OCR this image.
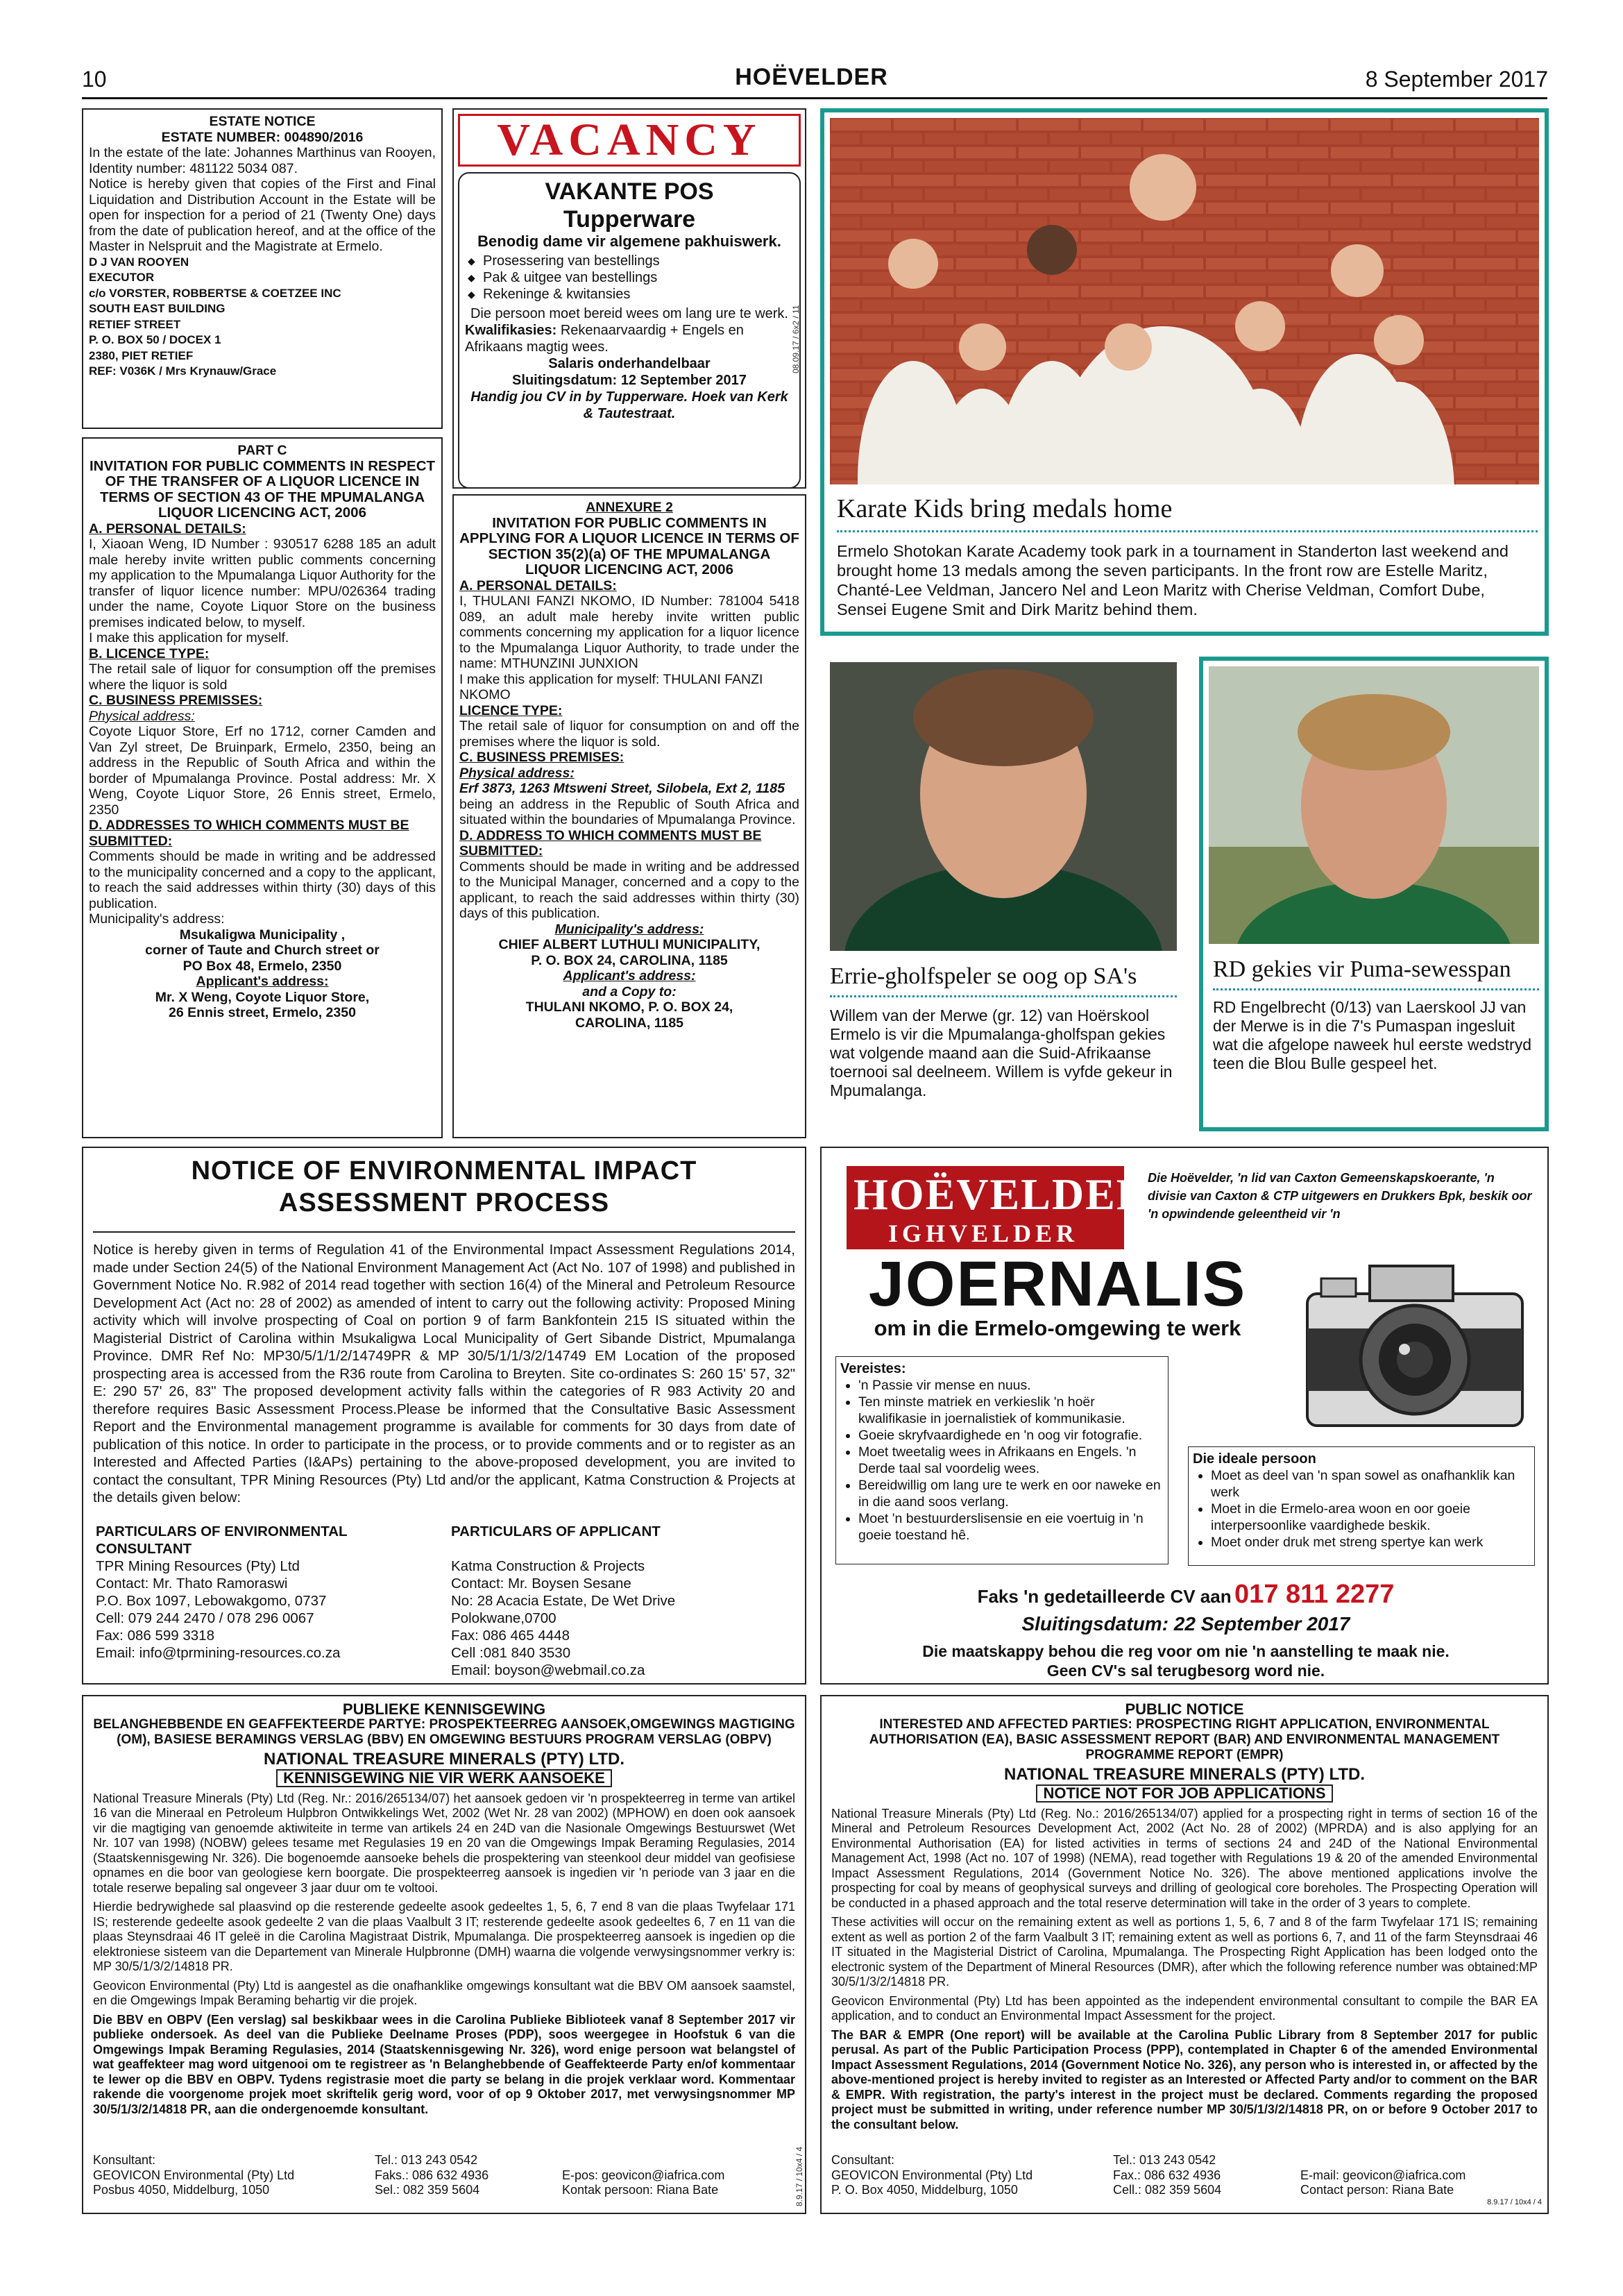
10	HOËVELDER	8 September 2017

ESTATE NOTICE

ESTATE NUMBER: 004890/2016

In the estate of the late: Johannes Marthinus van Rooyen, Identity number: 481122 5034 087.

Notice is hereby given that copies of the First and Final Liquidation and Distribution Account in the Estate will be open for inspection for a period of 21 (Twenty One) days from the date of publication hereof, and at the office of the Master in Nelspruit and the Magistrate at Ermelo.

D J VAN ROOYEN

EXECUTOR

c/o VORSTER, ROBBERTSE & COETZEE INC

SOUTH EAST BUILDING

RETIEF STREET

P. O. BOX 50 / DOCEX 1

2380, PIET RETIEF

REF: V036K / Mrs Krynauw/Grace

PART C

INVITATION FOR PUBLIC COMMENTS IN RESPECT OF THE TRANSFER OF A LIQUOR LICENCE IN TERMS OF SECTION 43 OF THE MPUMALANGA LIQUOR LICENCING ACT, 2006

A. PERSONAL DETAILS:

I, Xiaoan Weng, ID Number : 930517 6288 185 an adult male hereby invite written public comments concerning my application to the Mpumalanga Liquor Authority for the transfer of liquor licence number: MPU/026364 trading under the name, Coyote Liquor Store on the business premises indicated below, to myself.

I make this application for myself.

B. LICENCE TYPE:

The retail sale of liquor for consumption off the premises where the liquor is sold

C. BUSINESS PREMISSES:

Physical address:

Coyote Liquor Store, Erf no 1712, corner Camden and Van Zyl street, De Bruinpark, Ermelo, 2350, being an address in the Republic of South Africa and within the border of Mpumalanga Province. Postal address: Mr. X Weng, Coyote Liquor Store, 26 Ennis street, Ermelo, 2350

D. ADDRESSES TO WHICH COMMENTS MUST BE SUBMITTED:

Comments should be made in writing and be addressed to the municipality concerned and a copy to the applicant, to reach the said addresses within thirty (30) days of this publication.

Municipality's address:

Msukaligwa Municipality ,

corner of Taute and Church street or

PO Box 48, Ermelo, 2350

Applicant's address:

Mr. X Weng, Coyote Liquor Store,

26 Ennis street, Ermelo, 2350

VACANCY

VAKANTE POS

Tupperware

Benodig dame vir algemene pakhuiswerk.

◆ Prosessering van bestellings
◆ Pak & uitgee van bestellings
◆ Rekeninge & kwitansies

Die persoon moet bereid wees om lang ure te werk.

Kwalifikasies: Rekenaarvaardig + Engels en Afrikaans magtig wees.

Salaris onderhandelbaar

Sluitingsdatum: 12 September 2017

Handig jou CV in by Tupperware. Hoek van Kerk & Tautestraat.

08.09.17 / 6x2 / 11

ANNEXURE 2

INVITATION FOR PUBLIC COMMENTS IN APPLYING FOR A LIQUOR LICENCE IN TERMS OF SECTION 35(2)(a) OF THE MPUMALANGA LIQUOR LICENCING ACT, 2006

A. PERSONAL DETAILS:

I, THULANI FANZI NKOMO, ID Number: 781004 5418 089, an adult male hereby invite written public comments concerning my application for a liquor licence to the Mpumalanga Liquor Authority, to trade under the name: MTHUNZINI JUNXION

I make this application for myself: THULANI FANZI NKOMO

LICENCE TYPE:

The retail sale of liquor for consumption on and off the premises where the liquor is sold.

C. BUSINESS PREMISES:

Physical address:

Erf 3873, 1263 Mtsweni Street, Silobela, Ext 2, 1185

being an address in the Republic of South Africa and situated within the boundaries of Mpumalanga Province.

D. ADDRESS TO WHICH COMMENTS MUST BE SUBMITTED:

Comments should be made in writing and be addressed to the Municipal Manager, concerned and a copy to the applicant, to reach the said addresses within thirty (30) days of this publication.

Municipality's address:

CHIEF ALBERT LUTHULI MUNICIPALITY,

P. O. BOX 24, CAROLINA, 1185

Applicant's address:

and a Copy to:

THULANI NKOMO, P. O. BOX 24,

CAROLINA, 1185

Karate Kids bring medals home
Ermelo Shotokan Karate Academy took park in a tournament in Standerton last weekend and brought home 13 medals among the seven participants. In the front row are Estelle Maritz, Chanté-Lee Veldman, Jancero Nel and Leon Maritz with Cherise Veldman, Comfort Dube, Sensei Eugene Smit and Dirk Maritz behind them.
Errie-gholfspeler se oog op SA's
Willem van der Merwe (gr. 12) van Hoërskool Ermelo is vir die Mpumalanga-gholfspan gekies wat volgende maand aan die Suid-Afrikaanse toernooi sal deelneem. Willem is vyfde gekeur in Mpumalanga.
RD gekies vir Puma-sewesspan
RD Engelbrecht (0/13) van Laerskool JJ van der Merwe is in die 7's Pumaspan ingesluit wat die afgelope naweek hul eerste wedstryd teen die Blou Bulle gespeel het.
NOTICE OF ENVIRONMENTAL IMPACT
ASSESSMENT PROCESS
Notice is hereby given in terms of Regulation 41 of the Environmental Impact Assessment Regulations 2014, made under Section 24(5) of the National Environment Management Act (Act No. 107 of 1998) and published in Government Notice No. R.982 of 2014 read together with section 16(4) of the Mineral and Petroleum Resource Development Act (Act no: 28 of 2002) as amended of intent to carry out the following activity: Proposed Mining activity which will involve prospecting of Coal on portion 9 of farm Bankfontein 215 IS situated within the Magisterial District of Carolina within Msukaligwa Local Municipality of Gert Sibande District, Mpumalanga Province. DMR Ref No: MP30/5/1/1/2/14749PR & MP 30/5/1/1/3/2/14749 EM Location of the proposed prospecting area is accessed from the R36 route from Carolina to Breyten. Site co-ordinates S: 260 15' 57, 32" E: 290 57' 26, 83" The proposed development activity falls within the categories of R 983 Activity 20 and therefore requires Basic Assessment Process.Please be informed that the Consultative Basic Assessment Report and the Environmental management programme is available for comments for 30 days from date of publication of this notice. In order to participate in the process, or to provide comments and or to register as an Interested and Affected Parties (I&APs) pertaining to the above-proposed development, you are invited to contact the consultant, TPR Mining Resources (Pty) Ltd and/or the applicant, Katma Construction & Projects at the details given below:
PARTICULARS OF ENVIRONMENTAL CONSULTANT
TPR Mining Resources (Pty) Ltd
Contact: Mr. Thato Ramoraswi
P.O. Box 1097, Lebowakgomo, 0737
Cell: 079 244 2470 / 078 296 0067
Fax: 086 599 3318
Email: info@tprmining-resources.co.za
PARTICULARS OF APPLICANT
Katma Construction & Projects
Contact: Mr. Boysen Sesane
No: 28 Acacia Estate, De Wet Drive
Polokwane,0700
Fax: 086 465 4448
Cell :081 840 3530
Email: boyson@webmail.co.za
HOËVELDER
IGHVELDER
Die Hoëvelder, 'n lid van Caxton Gemeenskapskoerante, 'n divisie van Caxton & CTP uitgewers en Drukkers Bpk, beskik oor 'n opwindende geleentheid vir 'n
JOERNALIS
om in die Ermelo-omgewing te werk
Vereistes:
• 'n Passie vir mense en nuus.
• Ten minste matriek en verkieslik 'n hoër kwalifikasie in joernalistiek of kommunikasie.
• Goeie skryfvaardighede en 'n oog vir fotografie.
• Moet tweetalig wees in Afrikaans en Engels. 'n Derde taal sal voordelig wees.
• Bereidwillig om lang ure te werk en oor naweke en in die aand soos verlang.
• Moet 'n bestuurderslisensie en eie voertuig in 'n goeie toestand hê.
Die ideale persoon
• Moet as deel van 'n span sowel as onafhanklik kan werk
• Moet in die Ermelo-area woon en oor goeie interpersoonlike vaardighede beskik.
• Moet onder druk met streng spertye kan werk
Faks 'n gedetailleerde CV aan 017 811 2277
Sluitingsdatum: 22 September 2017
Die maatskappy behou die reg voor om nie 'n aanstelling te maak nie.
Geen CV's sal terugbesorg word nie.
PUBLIEKE KENNISGEWING
BELANGHEBBENDE EN GEAFFEKTEERDE PARTYE: PROSPEKTEERREG AANSOEK,OMGEWINGS MAGTIGING (OM), BASIESE BERAMINGS VERSLAG (BBV) EN OMGEWING BESTUURS PROGRAM VERSLAG (OBPV)
NATIONAL TREASURE MINERALS (PTY) LTD.
KENNISGEWING NIE VIR WERK AANSOEKE

National Treasure Minerals (Pty) Ltd (Reg. Nr.: 2016/265134/07) het aansoek gedoen vir 'n prospekteerreg in terme van artikel 16 van die Mineraal en Petroleum Hulpbron Ontwikkelings Wet, 2002 (Wet Nr. 28 van 2002) (MPHOW) en doen ook aansoek vir die magtiging van genoemde aktiwiteite in terme van artikels 24 en 24D van die Nasionale Omgewings Bestuurswet (Wet Nr. 107 van 1998) (NOBW) gelees tesame met Regulasies 19 en 20 van die Omgewings Impak Beraming Regulasies, 2014 (Staatskennisgewing Nr. 326). Die bogenoemde aansoeke behels die prospektering van steenkool deur middel van geofisiese opnames en die boor van geologiese kern boorgate. Die prospekteerreg aansoek is ingedien vir 'n periode van 3 jaar en die totale reserwe bepaling sal ongeveer 3 jaar duur om te voltooi.

Hierdie bedrywighede sal plaasvind op die resterende gedeelte asook gedeeltes 1, 5, 6, 7 end 8 van die plaas Twyfelaar 171 IS; resterende gedeelte asook gedeelte 2 van die plaas Vaalbult 3 IT; resterende gedeelte asook gedeeltes 6, 7 en 11 van die plaas Steynsdraai 46 IT geleë in die Carolina Magistraat Distrik, Mpumalanga. Die prospekteerreg aansoek is ingedien op die elektroniese sisteem van die Departement van Minerale Hulpbronne (DMH) waarna die volgende verwysingsnommer verkry is: MP 30/5/1/3/2/14818 PR.

Geovicon Environmental (Pty) Ltd is aangestel as die onafhanklike omgewings konsultant wat die BBV OM aansoek saamstel, en die Omgewings Impak Beraming behartig vir die projek.

Die BBV en OBPV (Een verslag) sal beskikbaar wees in die Carolina Publieke Biblioteek vanaf 8 September 2017 vir publieke ondersoek. As deel van die Publieke Deelname Proses (PDP), soos weergegee in Hoofstuk 6 van die Omgewings Impak Beraming Regulasies, 2014 (Staatskennisgewing Nr. 326), word enige persoon wat belangstel of wat geaffekteer mag word uitgenooi om te registreer as 'n Belanghebbende of Geaffekteerde Party en/of kommentaar te lewer op die BBV en OBPV. Tydens registrasie moet die party se belang in die projek verklaar word. Kommentaar rakende die voorgenome projek moet skriftelik gerig word, voor of op 9 Oktober 2017, met verwysingsnommer MP 30/5/1/3/2/14818 PR, aan die ondergenoemde konsultant.

Konsultant:
GEOVICON Environmental (Pty) Ltd
Posbus 4050, Middelburg, 1050
Tel.: 013 243 0542
Faks.: 086 632 4936
Sel.: 082 359 5604

E-pos: geovicon@iafrica.com
Kontak persoon: Riana Bate	8.9.17 / 10x4 / 4
PUBLIC NOTICE
INTERESTED AND AFFECTED PARTIES: PROSPECTING RIGHT APPLICATION, ENVIRONMENTAL AUTHORISATION (EA), BASIC ASSESSMENT REPORT (BAR) AND ENVIRONMENTAL MANAGEMENT PROGRAMME REPORT (EMPR)
NATIONAL TREASURE MINERALS (PTY) LTD.
NOTICE NOT FOR JOB APPLICATIONS

National Treasure Minerals (Pty) Ltd (Reg. No.: 2016/265134/07) applied for a prospecting right in terms of section 16 of the Mineral and Petroleum Resources Development Act, 2002 (Act No. 28 of 2002) (MPRDA) and is also applying for an Environmental Authorisation (EA) for listed activities in terms of sections 24 and 24D of the National Environmental Management Act, 1998 (Act no. 107 of 1998) (NEMA), read together with Regulations 19 & 20 of the amended Environmental Impact Assessment Regulations, 2014 (Government Notice No. 326). The above mentioned applications involve the prospecting for coal by means of geophysical surveys and drilling of geological core boreholes. The Prospecting Operation will be conducted in a phased approach and the total reserve determination will take in the order of 3 years to complete.

These activities will occur on the remaining extent as well as portions 1, 5, 6, 7 and 8 of the farm Twyfelaar 171 IS; remaining extent as well as portion 2 of the farm Vaalbult 3 IT; remaining extent as well as portions 6, 7, and 11 of the farm Steynsdraai 46 IT situated in the Magisterial District of Carolina, Mpumalanga. The Prospecting Right Application has been lodged onto the electronic system of the Department of Mineral Resources (DMR), after which the following reference number was obtained:MP 30/5/1/3/2/14818 PR.

Geovicon Environmental (Pty) Ltd has been appointed as the independent environmental consultant to compile the BAR EA application, and to conduct an Environmental Impact Assessment for the project.

The BAR & EMPR (One report) will be available at the Carolina Public Library from 8 September 2017 for public perusal. As part of the Public Participation Process (PPP), contemplated in Chapter 6 of the amended Environmental Impact Assessment Regulations, 2014 (Government Notice No. 326), any person who is interested in, or affected by the above-mentioned project is hereby invited to register as an Interested or Affected Party and/or to comment on the BAR & EMPR. With registration, the party's interest in the project must be declared. Comments regarding the proposed project must be submitted in writing, under reference number MP 30/5/1/3/2/14818 PR, on or before 9 October 2017 to the consultant below.

Consultant:
GEOVICON Environmental (Pty) Ltd
P. O. Box 4050, Middelburg, 1050
Tel.: 013 243 0542
Fax.: 086 632 4936
Cell.: 082 359 5604

E-mail: geovicon@iafrica.com
Contact person: Riana Bate
8.9.17 / 10x4 / 4
